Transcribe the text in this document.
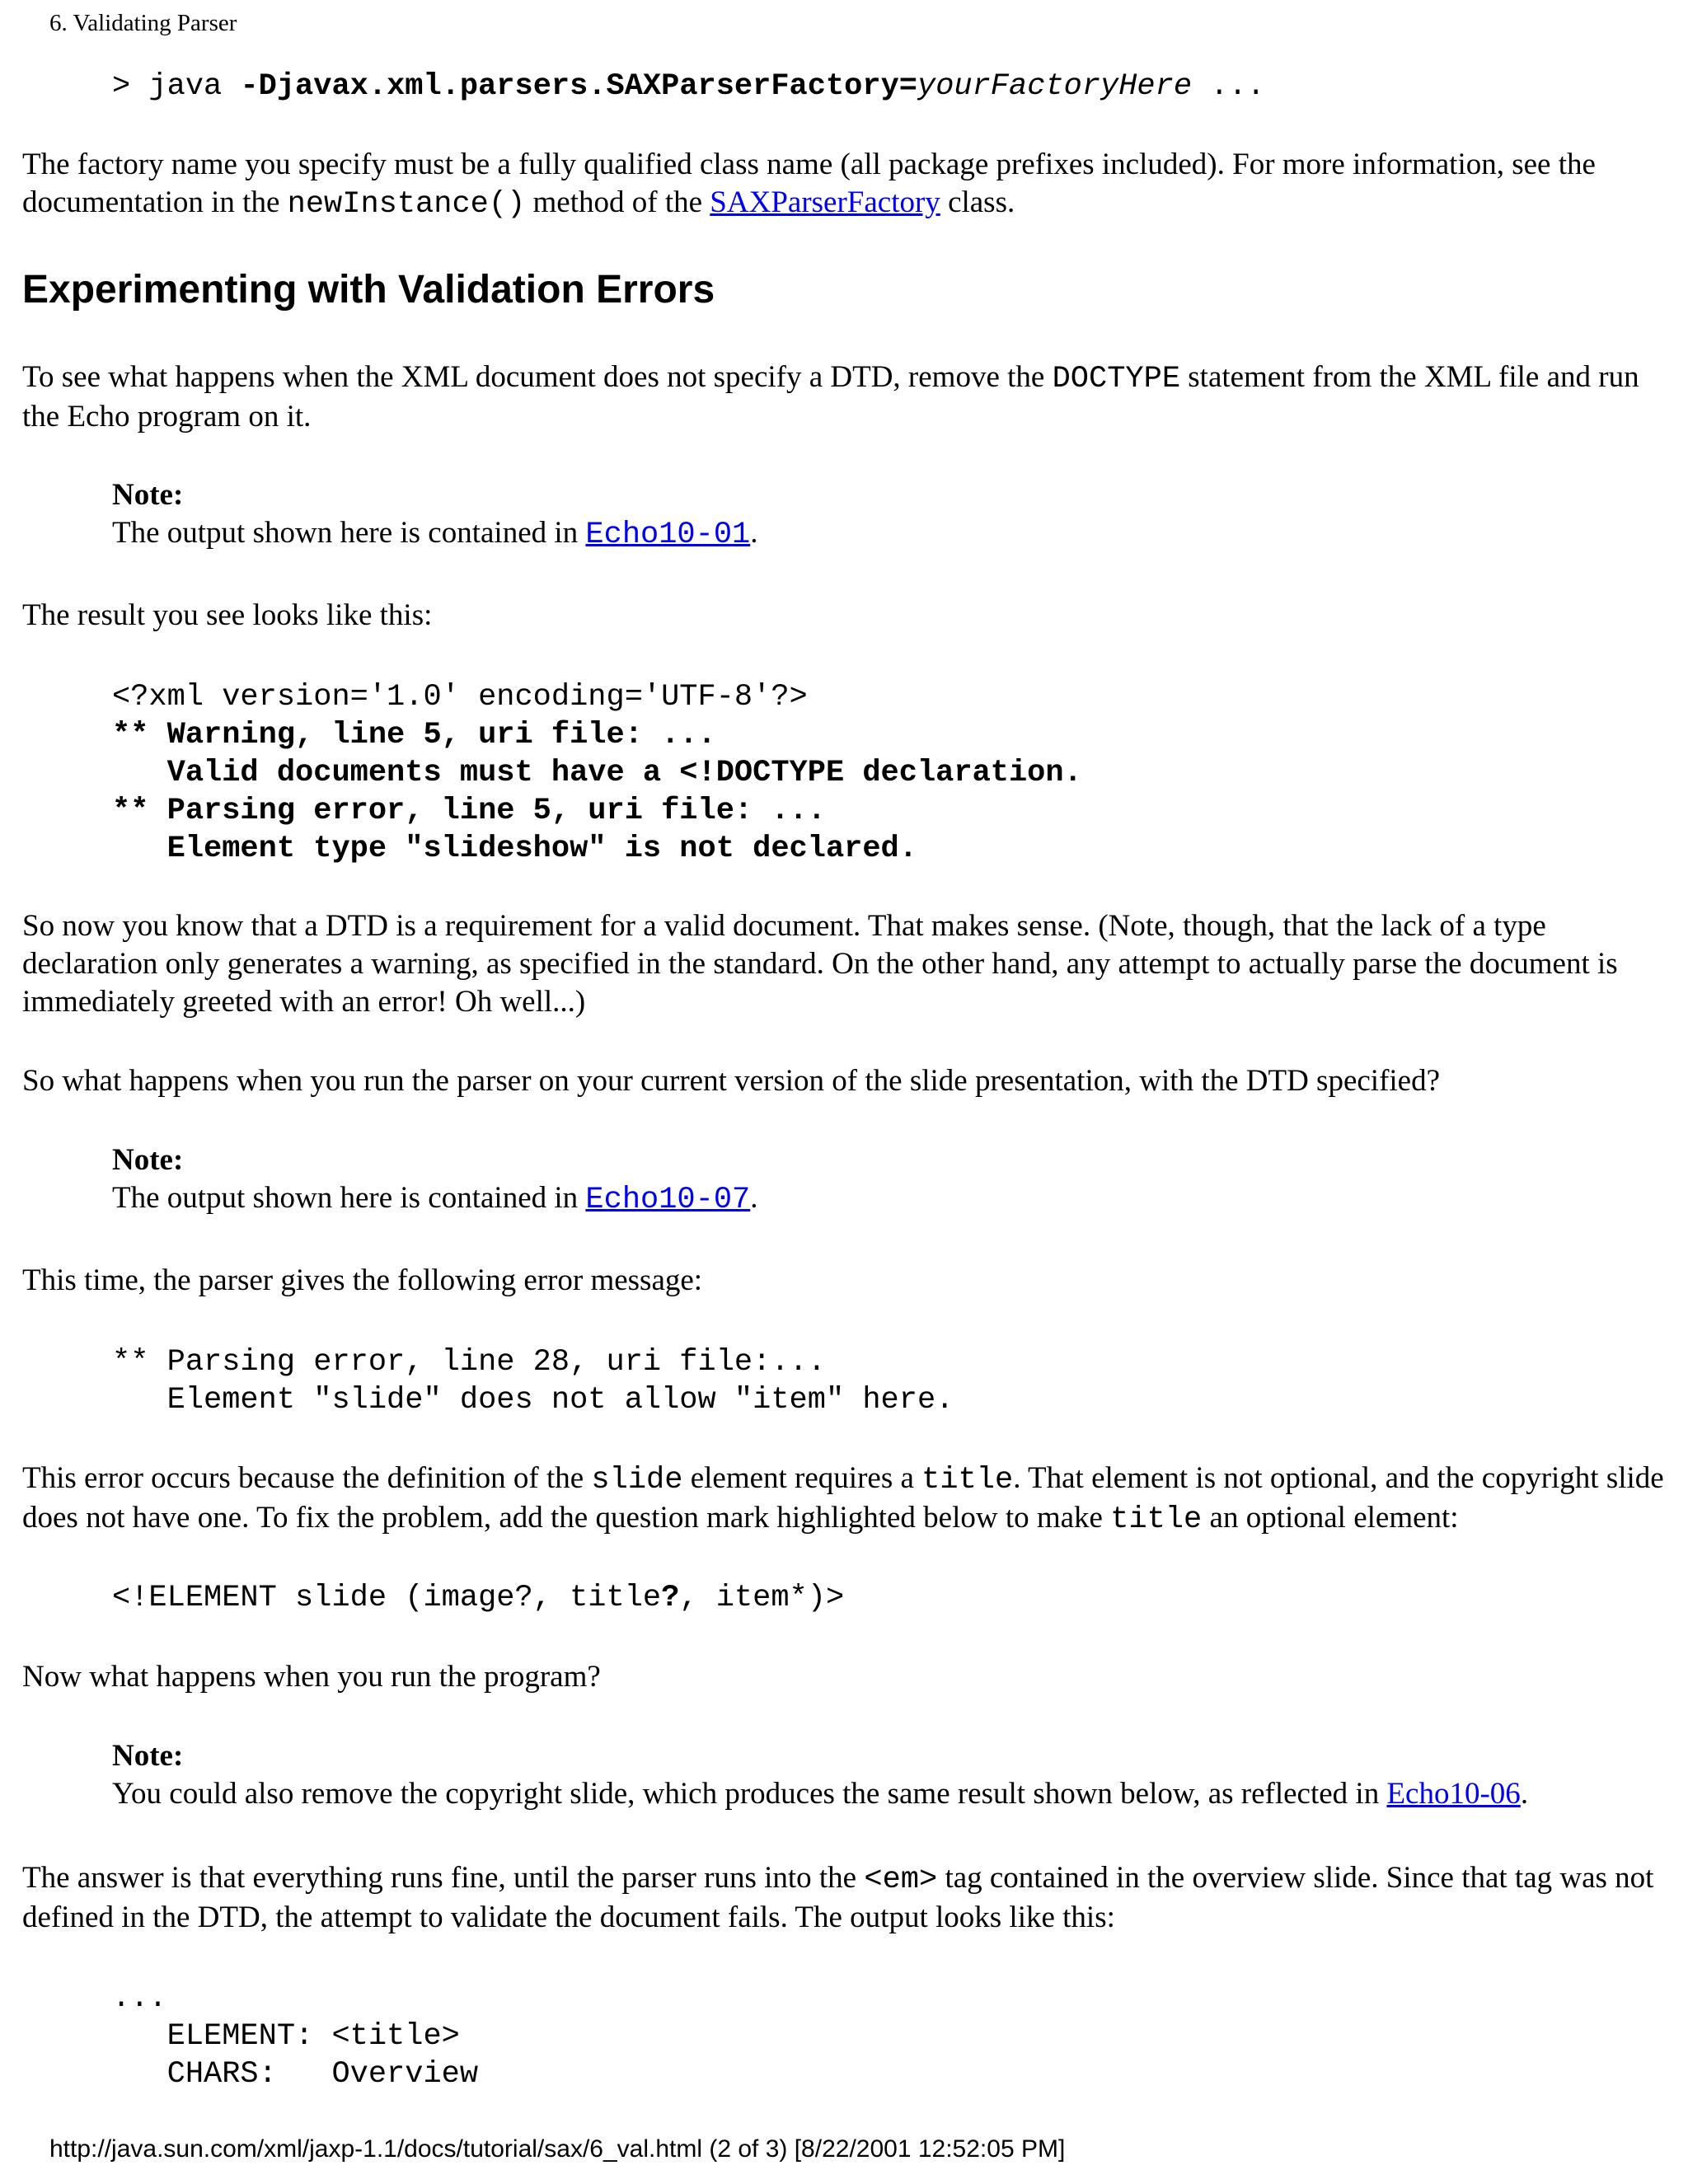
6. Validating Parser
> java -Djavax.xml.parsers.SAXParserFactory=yourFactoryHere ...
The factory name you specify must be a fully qualified class name (all package prefixes included). For more information, see the documentation in the newInstance() method of the SAXParserFactory class.
Experimenting with Validation Errors
To see what happens when the XML document does not specify a DTD, remove the DOCTYPE statement from the XML file and run the Echo program on it.
Note:
The output shown here is contained in Echo10-01.
The result you see looks like this:
<?xml version='1.0' encoding='UTF-8'?>
** Warning, line 5, uri file: ...
Valid documents must have a <!DOCTYPE declaration.
** Parsing error, line 5, uri file: ...
Element type "slideshow" is not declared.
So now you know that a DTD is a requirement for a valid document. That makes sense. (Note, though, that the lack of a type declaration only generates a warning, as specified in the standard. On the other hand, any attempt to actually parse the document is immediately greeted with an error! Oh well...)
So what happens when you run the parser on your current version of the slide presentation, with the DTD specified?
Note:
The output shown here is contained in Echo10-07.
This time, the parser gives the following error message:
** Parsing error, line 28, uri file:...
Element "slide" does not allow "item" here.
This error occurs because the definition of the slide element requires a title. That element is not optional, and the copyright slide does not have one. To fix the problem, add the question mark highlighted below to make title an optional element:
<!ELEMENT slide (image?, title?, item*)>
Now what happens when you run the program?
Note:
You could also remove the copyright slide, which produces the same result shown below, as reflected in Echo10-06.
The answer is that everything runs fine, until the parser runs into the <em> tag contained in the overview slide. Since that tag was not defined in the DTD, the attempt to validate the document fails. The output looks like this:
...
ELEMENT: <title>
CHARS:   Overview
http://java.sun.com/xml/jaxp-1.1/docs/tutorial/sax/6_val.html (2 of 3) [8/22/2001 12:52:05 PM]
